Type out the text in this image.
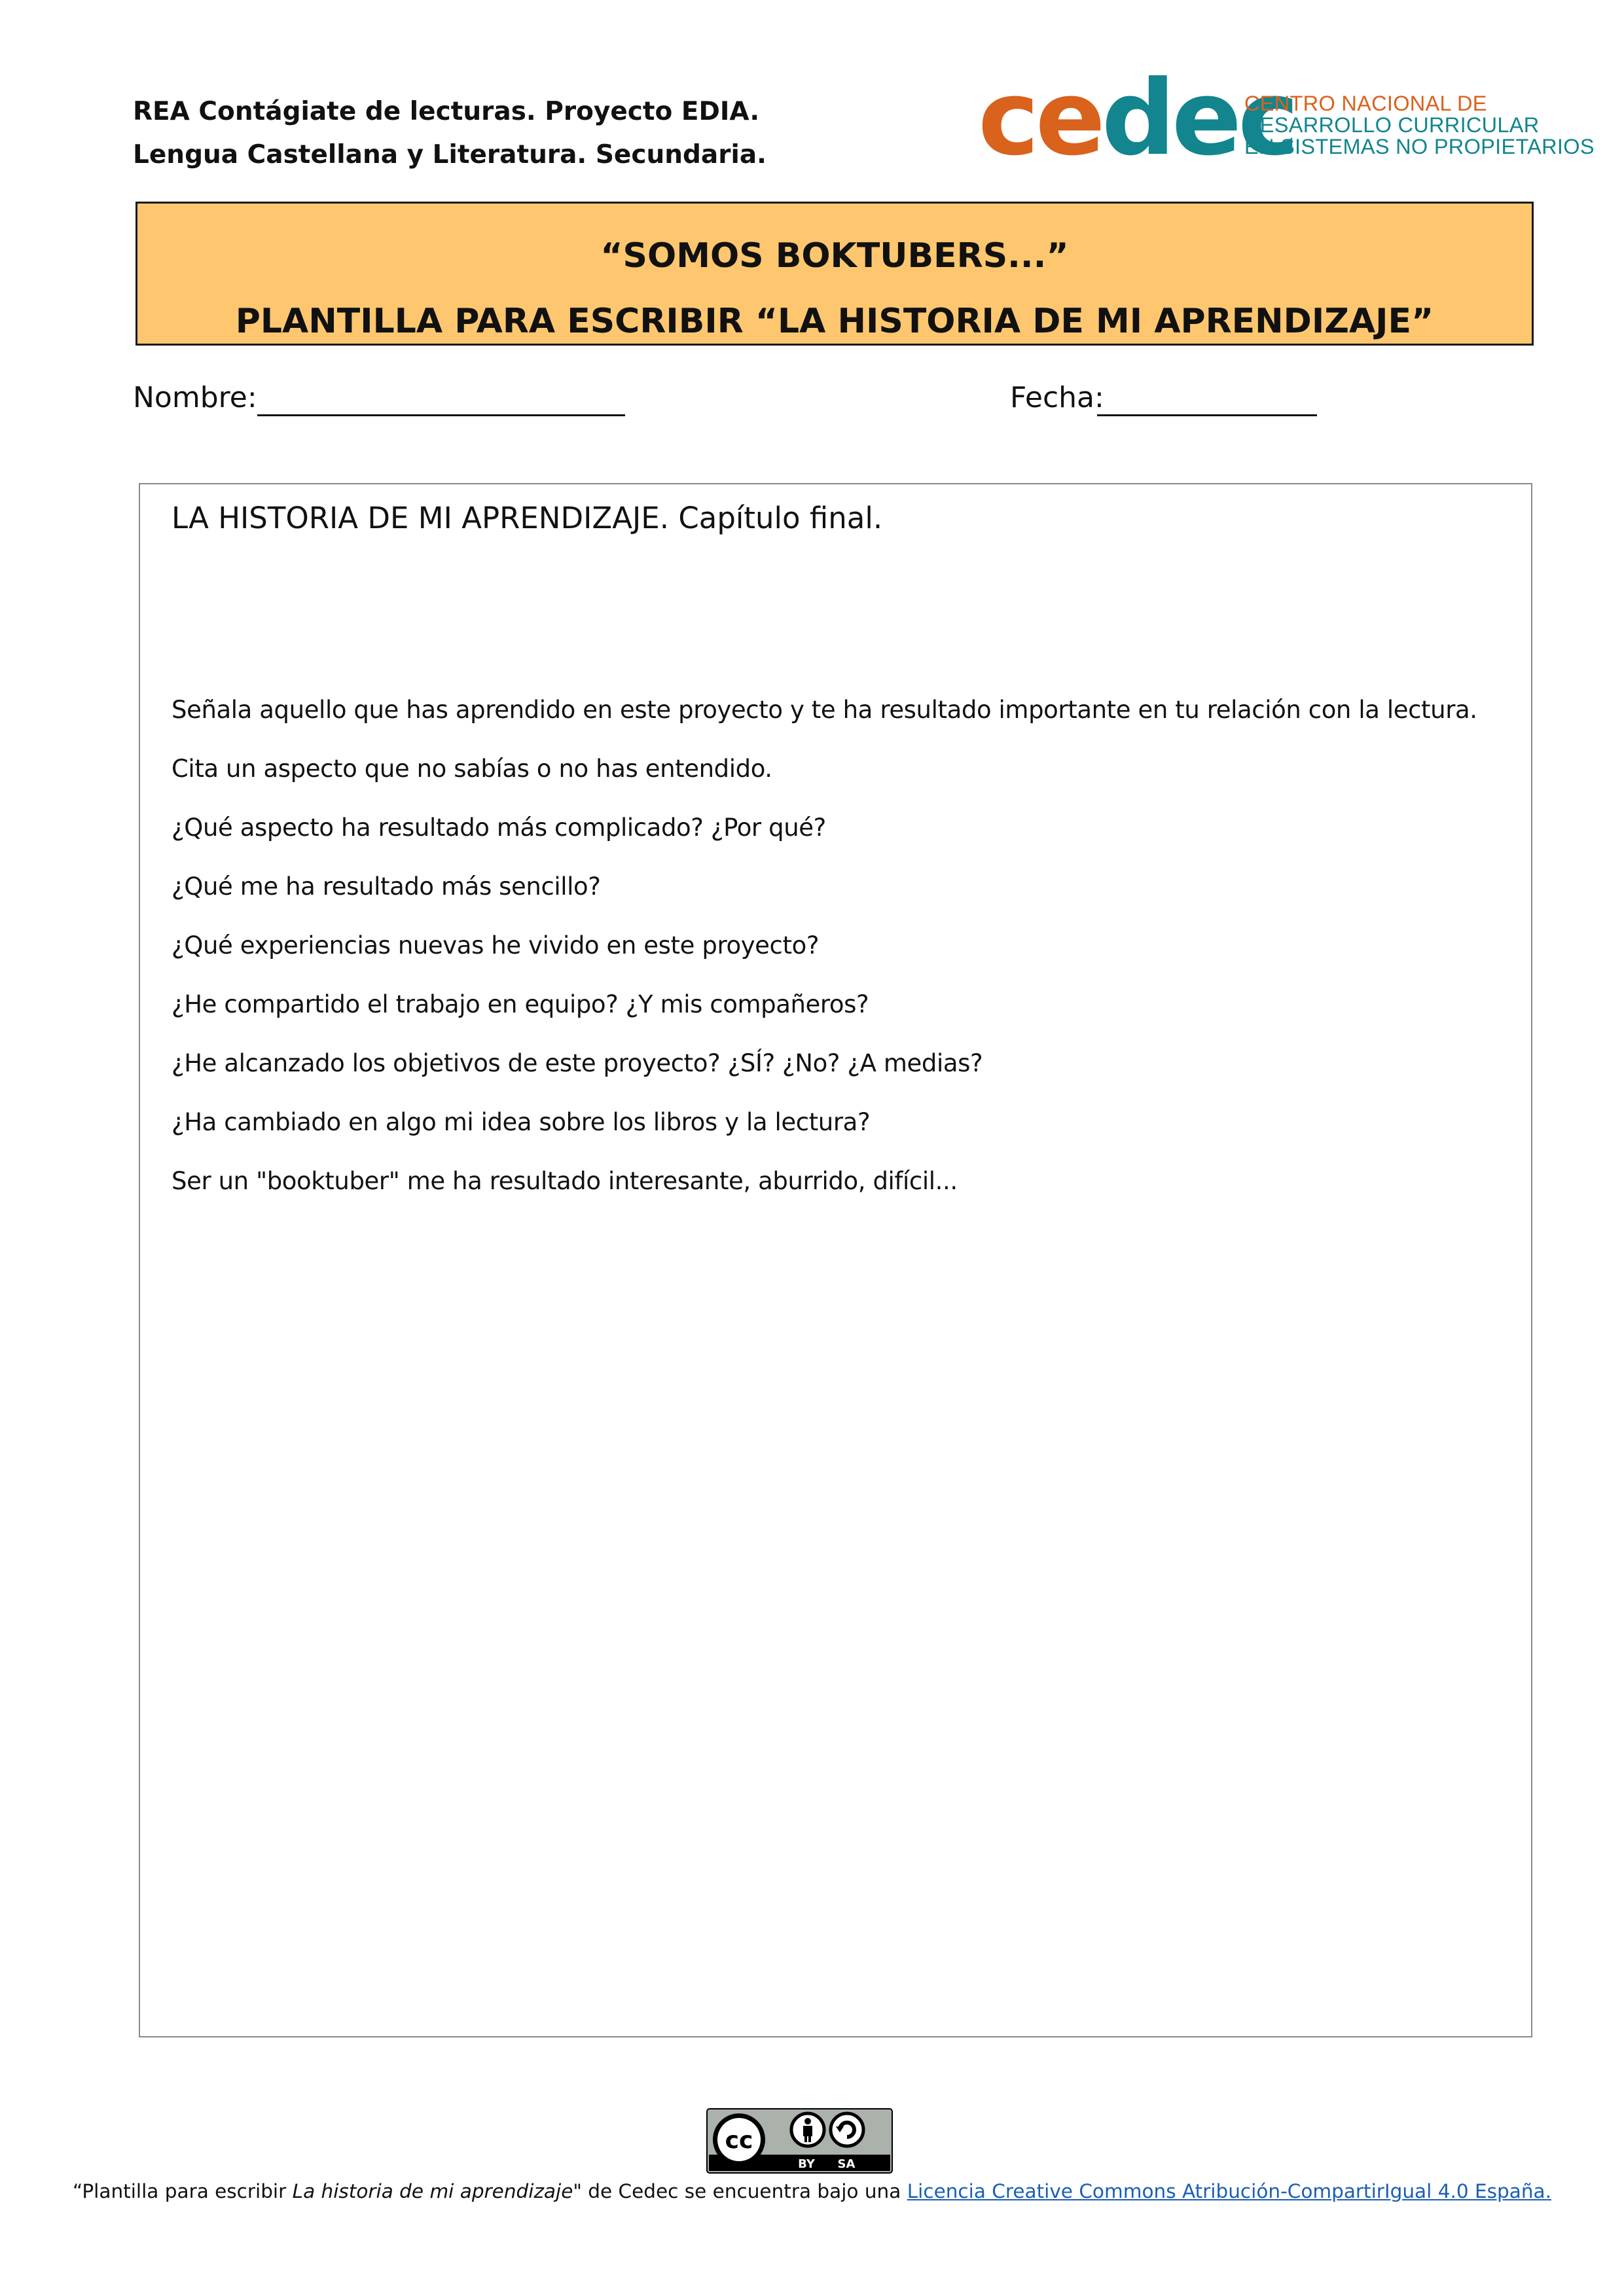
REA Contágiate de lecturas. Proyecto EDIA.
Lengua Castellana y Literatura. Secundaria. cedec
CENTRO NACIONAL DE
DESARROLLO CURRICULAR
EN SISTEMAS NO PROPIETARIOS
“SOMOS BOKTUBERS...”
PLANTILLA PARA ESCRIBIR “LA HISTORIA DE MI APRENDIZAJE”
Nombre:	Fecha:
LA HISTORIA DE MI APRENDIZAJE. Capítulo final.
Señala aquello que has aprendido en este proyecto y te ha resultado importante en tu relación con la lectura.
Cita un aspecto que no sabías o no has entendido.
¿Qué aspecto ha resultado más complicado? ¿Por qué?
¿Qué me ha resultado más sencillo?
¿Qué experiencias nuevas he vivido en este proyecto?
¿He compartido el trabajo en equipo? ¿Y mis compañeros?
¿He alcanzado los objetivos de este proyecto? ¿SÍ? ¿No? ¿A medias?
¿Ha cambiado en algo mi idea sobre los libros y la lectura?
Ser un "booktuber" me ha resultado interesante, aburrido, difícil...
cc
BY SA
“Plantilla para escribir La historia de mi aprendizaje" de Cedec se encuentra bajo una Licencia Creative Commons Atribución-CompartirIgual 4.0 España.
